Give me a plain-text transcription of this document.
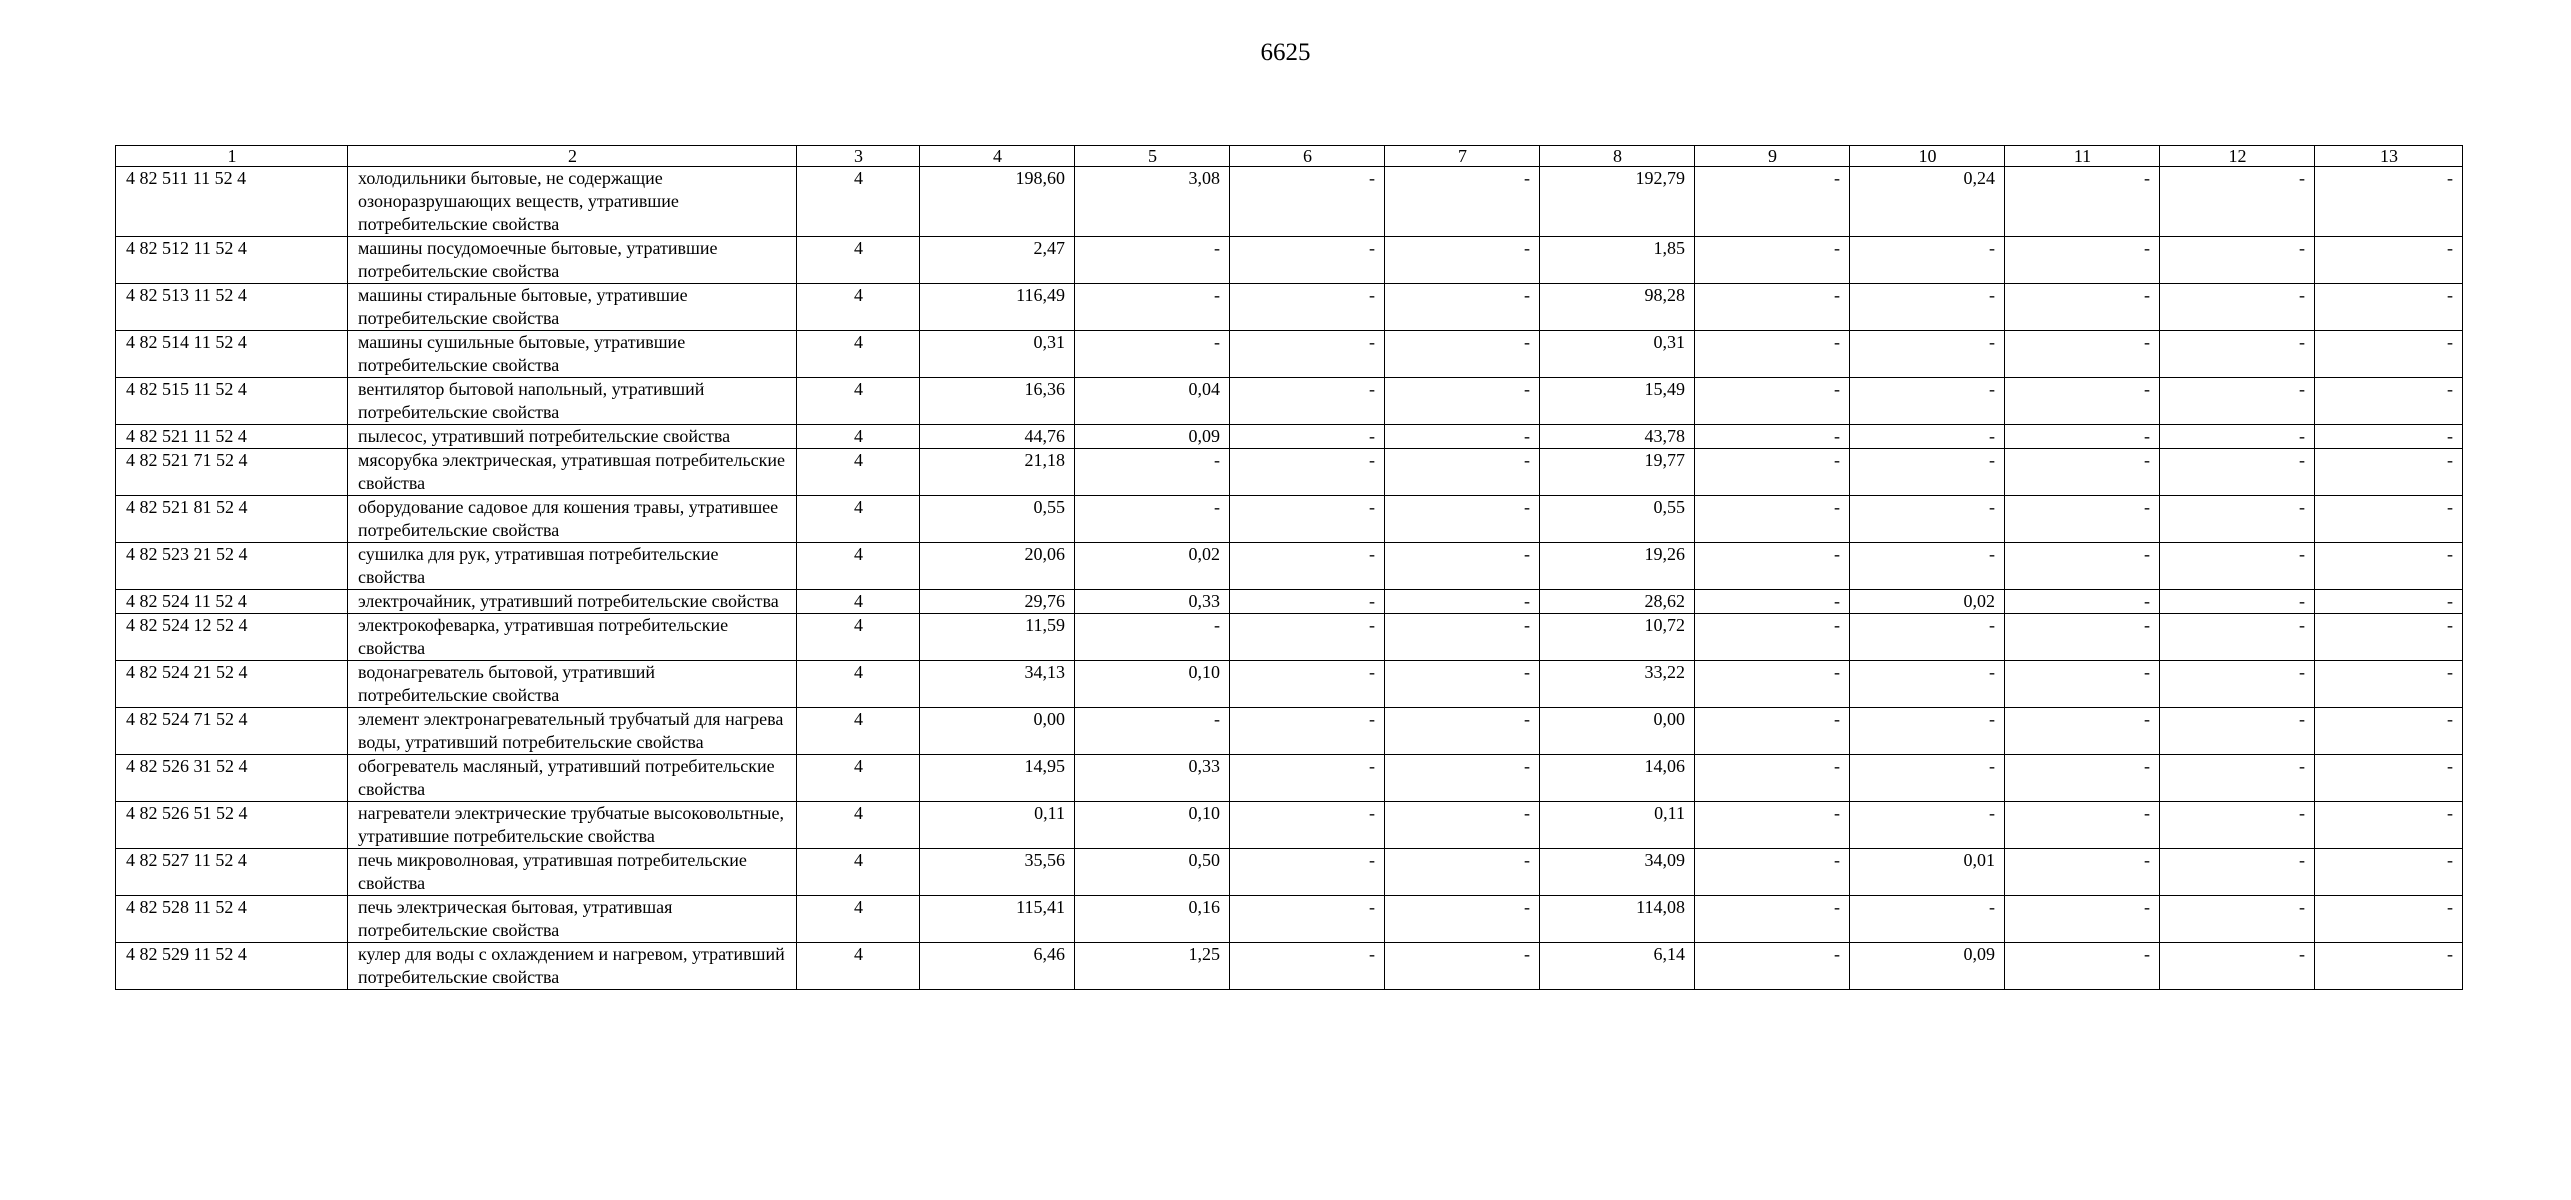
6625
1	2	3	4	5	6	7	8	9	10	11	12	13
4 82 511 11 52 4	холодильники бытовые, не содержащие озоноразрушающих веществ, утратившие потребительские свойства	4	198,60	3,08	-	-	192,79	-	0,24	-	-	-
4 82 512 11 52 4	машины посудомоечные бытовые, утратившие потребительские свойства	4	2,47	-	-	-	1,85	-	-	-	-	-
4 82 513 11 52 4	машины стиральные бытовые, утратившие потребительские свойства	4	116,49	-	-	-	98,28	-	-	-	-	-
4 82 514 11 52 4	машины сушильные бытовые, утратившие потребительские свойства	4	0,31	-	-	-	0,31	-	-	-	-	-
4 82 515 11 52 4	вентилятор бытовой напольный, утративший потребительские свойства	4	16,36	0,04	-	-	15,49	-	-	-	-	-
4 82 521 11 52 4	пылесос, утративший потребительские свойства	4	44,76	0,09	-	-	43,78	-	-	-	-	-
4 82 521 71 52 4	мясорубка электрическая, утратившая потребительские свойства	4	21,18	-	-	-	19,77	-	-	-	-	-
4 82 521 81 52 4	оборудование садовое для кошения травы, утратившее потребительские свойства	4	0,55	-	-	-	0,55	-	-	-	-	-
4 82 523 21 52 4	сушилка для рук, утратившая потребительские свойства	4	20,06	0,02	-	-	19,26	-	-	-	-	-
4 82 524 11 52 4	электрочайник, утративший потребительские свойства	4	29,76	0,33	-	-	28,62	-	0,02	-	-	-
4 82 524 12 52 4	электрокофеварка, утратившая потребительские свойства	4	11,59	-	-	-	10,72	-	-	-	-	-
4 82 524 21 52 4	водонагреватель бытовой, утративший потребительские свойства	4	34,13	0,10	-	-	33,22	-	-	-	-	-
4 82 524 71 52 4	элемент электронагревательный трубчатый для нагрева воды, утративший потребительские свойства	4	0,00	-	-	-	0,00	-	-	-	-	-
4 82 526 31 52 4	обогреватель масляный, утративший потребительские свойства	4	14,95	0,33	-	-	14,06	-	-	-	-	-
4 82 526 51 52 4	нагреватели электрические трубчатые высоковольтные, утратившие потребительские свойства	4	0,11	0,10	-	-	0,11	-	-	-	-	-
4 82 527 11 52 4	печь микроволновая, утратившая потребительские свойства	4	35,56	0,50	-	-	34,09	-	0,01	-	-	-
4 82 528 11 52 4	печь электрическая бытовая, утратившая потребительские свойства	4	115,41	0,16	-	-	114,08	-	-	-	-	-
4 82 529 11 52 4	кулер для воды с охлаждением и нагревом, утративший потребительские свойства	4	6,46	1,25	-	-	6,14	-	0,09	-	-	-
